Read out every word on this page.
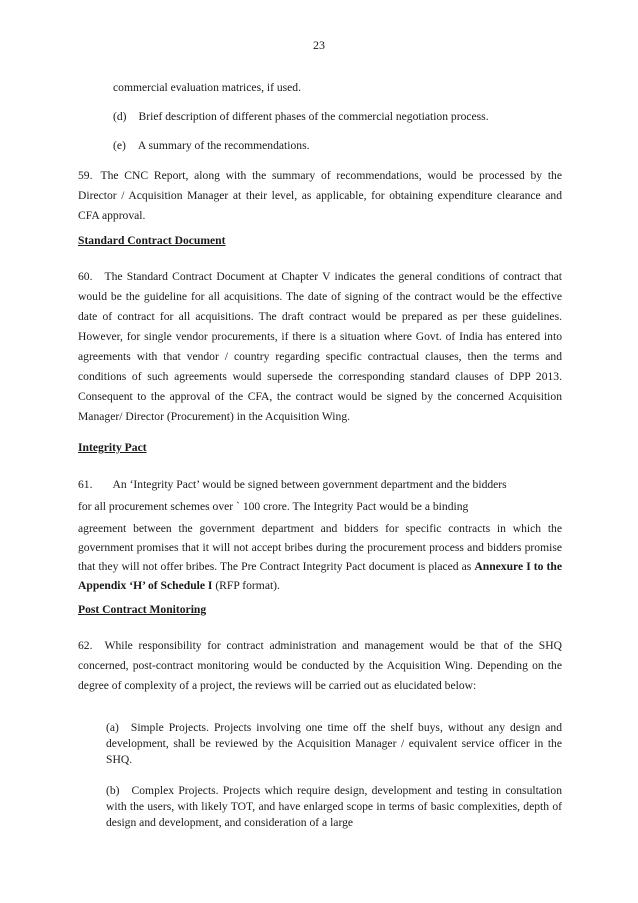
23

commercial evaluation matrices, if used.

(d) Brief description of different phases of the commercial negotiation process.

(e) A summary of the recommendations.

59. The CNC Report, along with the summary of recommendations, would be processed by the Director / Acquisition Manager at their level, as applicable, for obtaining expenditure clearance and CFA approval.

Standard Contract Document

60. The Standard Contract Document at Chapter V indicates the general conditions of contract that would be the guideline for all acquisitions. The date of signing of the contract would be the effective date of contract for all acquisitions. The draft contract would be prepared as per these guidelines. However, for single vendor procurements, if there is a situation where Govt. of India has entered into agreements with that vendor / country regarding specific contractual clauses, then the terms and conditions of such agreements would supersede the corresponding standard clauses of DPP 2013. Consequent to the approval of the CFA, the contract would be signed by the concerned Acquisition Manager/ Director (Procurement) in the Acquisition Wing.

Integrity Pact

61. An ‘Integrity Pact’ would be signed between government department and the bidders

for all procurement schemes over ` 100 crore. The Integrity Pact would be a binding

agreement between the government department and bidders for specific contracts in which the government promises that it will not accept bribes during the procurement process and bidders promise that they will not offer bribes. The Pre Contract Integrity Pact document is placed as Annexure I to the Appendix ‘H’ of Schedule I (RFP format).

Post Contract Monitoring

62. While responsibility for contract administration and management would be that of the SHQ concerned, post-contract monitoring would be conducted by the Acquisition Wing. Depending on the degree of complexity of a project, the reviews will be carried out as elucidated below:

(a) Simple Projects. Projects involving one time off the shelf buys, without any design and development, shall be reviewed by the Acquisition Manager / equivalent service officer in the SHQ.

(b) Complex Projects. Projects which require design, development and testing in consultation with the users, with likely TOT, and have enlarged scope in terms of basic complexities, depth of design and development, and consideration of a large
